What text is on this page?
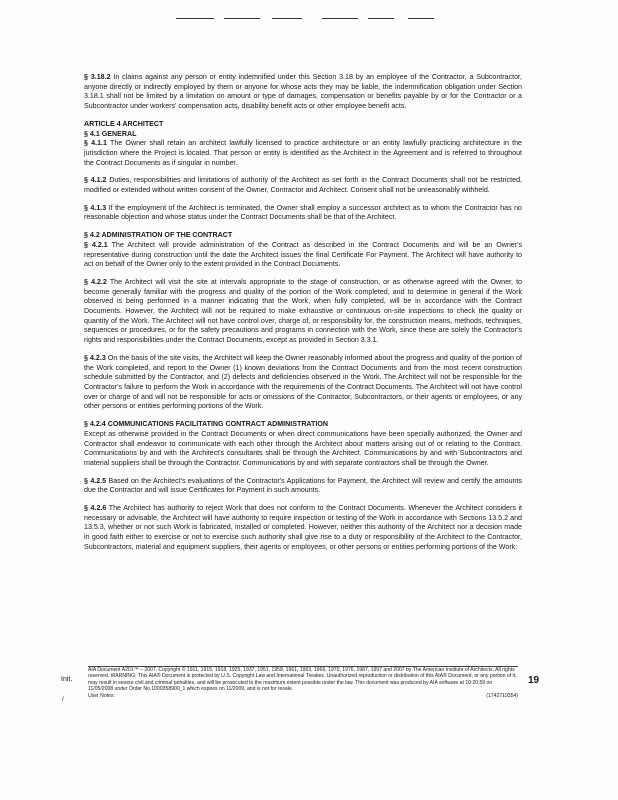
§ 3.18.2 In claims against any person or entity indemnified under this Section 3.18 by an employee of the Contractor, a Subcontractor, anyone directly or indirectly employed by them or anyone for whose acts they may be liable, the indemnification obligation under Section 3.18.1 shall not be limited by a limitation on amount or type of damages, compensation or benefits payable by or for the Contractor or a Subcontractor under workers' compensation acts, disability benefit acts or other employee benefit acts.

ARTICLE 4 ARCHITECT

§ 4.1 GENERAL

§ 4.1.1 The Owner shall retain an architect lawfully licensed to practice architecture or an entity lawfully practicing architecture in the jurisdiction where the Project is located. That person or entity is identified as the Architect in the Agreement and is referred to throughout the Contract Documents as if singular in number.

§ 4.1.2 Duties, responsibilities and limitations of authority of the Architect as set forth in the Contract Documents shall not be restricted, modified or extended without written consent of the Owner, Contractor and Architect. Consent shall not be unreasonably withheld.

§ 4.1.3 If the employment of the Architect is terminated, the Owner shall employ a successor architect as to whom the Contractor has no reasonable objection and whose status under the Contract Documents shall be that of the Architect.

§ 4.2 ADMINISTRATION OF THE CONTRACT

§ 4.2.1 The Architect will provide administration of the Contract as described in the Contract Documents and will be an Owner's representative during construction until the date the Architect issues the final Certificate For Payment. The Architect will have authority to act on behalf of the Owner only to the extent provided in the Contract Documents.

§ 4.2.2 The Architect will visit the site at intervals appropriate to the stage of construction, or as otherwise agreed with the Owner, to become generally familiar with the progress and quality of the portion of the Work completed, and to determine in general if the Work observed is being performed in a manner indicating that the Work, when fully completed, will be in accordance with the Contract Documents. However, the Architect will not be required to make exhaustive or continuous on-site inspections to check the quality or quantity of the Work. The Architect will not have control over, charge of, or responsibility for, the construction means, methods, techniques, sequences or procedures, or for the safety precautions and programs in connection with the Work, since these are solely the Contractor's rights and responsibilities under the Contract Documents, except as provided in Section 3.3.1.

§ 4.2.3 On the basis of the site visits, the Architect will keep the Owner reasonably informed about the progress and quality of the portion of the Work completed, and report to the Owner (1) known deviations from the Contract Documents and from the most recent construction schedule submitted by the Contractor, and (2) defects and deficiencies observed in the Work. The Architect will not be responsible for the Contractor's failure to perform the Work in accordance with the requirements of the Contract Documents. The Architect will not have control over or charge of and will not be responsible for acts or omissions of the Contractor, Subcontractors, or their agents or employees, or any other persons or entities performing portions of the Work.

§ 4.2.4 COMMUNICATIONS FACILITATING CONTRACT ADMINISTRATION
Except as otherwise provided in the Contract Documents or when direct communications have been specially authorized, the Owner and Contractor shall endeavor to communicate with each other through the Architect about matters arising out of or relating to the Contract. Communications by and with the Architect's consultants shall be through the Architect. Communications by and with Subcontractors and material suppliers shall be through the Contractor. Communications by and with separate contractors shall be through the Owner.

§ 4.2.5 Based on the Architect's evaluations of the Contractor's Applications for Payment, the Architect will review and certify the amounts due the Contractor and will issue Certificates for Payment in such amounts.

§ 4.2.6 The Architect has authority to reject Work that does not conform to the Contract Documents. Whenever the Architect considers it necessary or advisable, the Architect will have authority to require inspection or testing of the Work in accordance with Sections 13.5.2 and 13.5.3, whether or not such Work is fabricated, installed or completed. However, neither this authority of the Architect nor a decision made in good faith either to exercise or not to exercise such authority shall give rise to a duty or responsibility of the Architect to the Contractor, Subcontractors, material and equipment suppliers, their agents or employees, or other persons or entities performing portions of the Work.

Init.
/
19
AIA Document A201™ – 2007. Copyright © 1911, 1915, 1918, 1925, 1937, 1951, 1958, 1961, 1963, 1966, 1970, 1976, 1987, 1997 and 2007 by The American Institute of Architects. All rights reserved. WARNING: This AIA® Document is protected by U.S. Copyright Law and International Treaties. Unauthorized reproduction or distribution of this AIA® Document, or any portion of it, may result in severe civil and criminal penalties, and will be prosecuted to the maximum extent possible under the law. This document was produced by AIA software at 10:20:59 on 11/05/2008 under Order No.1000358900_1 which expires on 11/2009, and is not for resale.
User Notes:	(1742719354)
